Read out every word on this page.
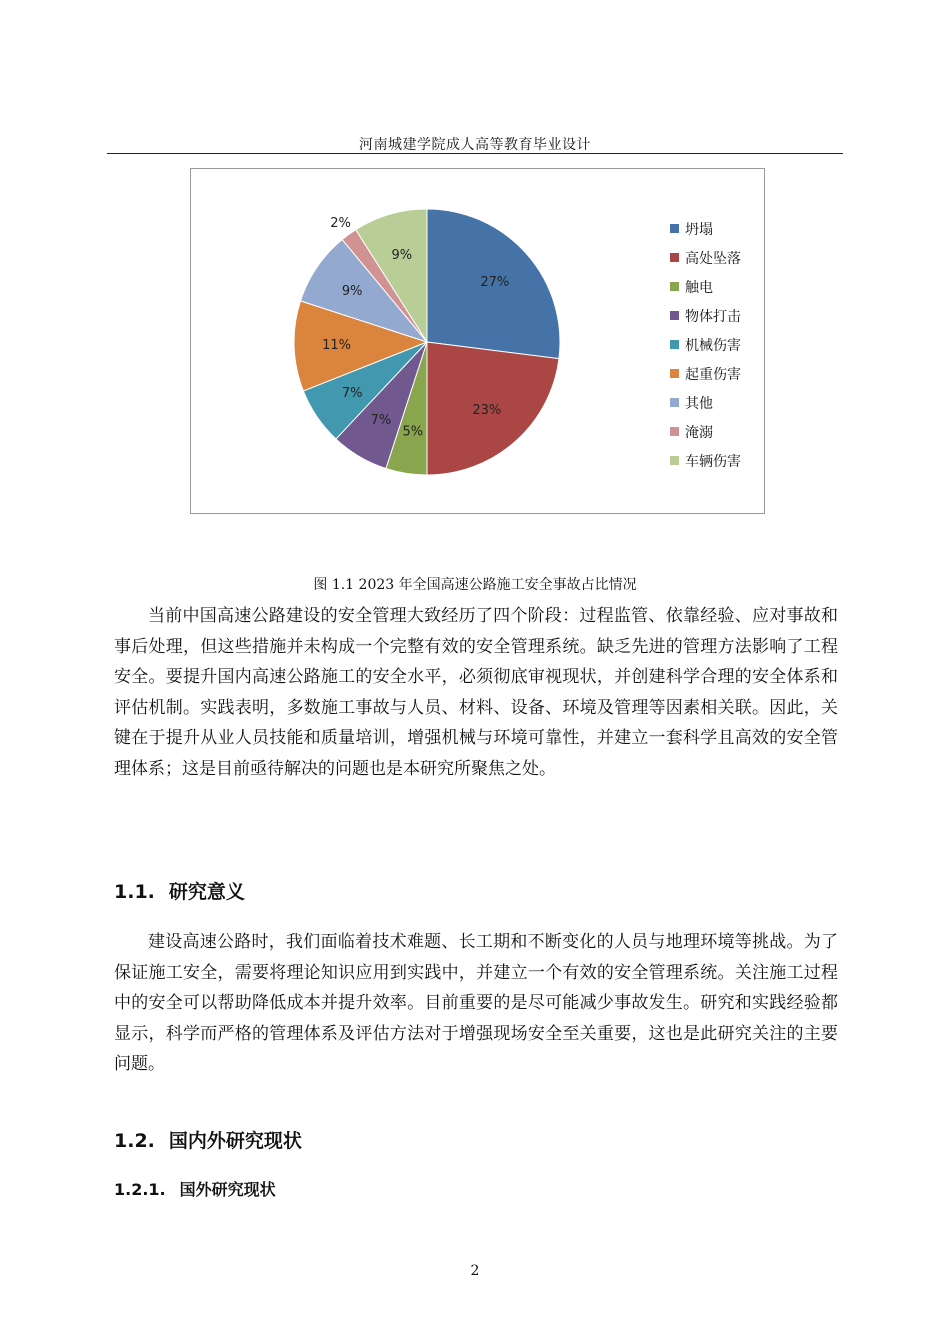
河南城建学院成人高等教育毕业设计
27%
23%
5%
7%
7%
11%
9%
2%
9%
坍塌
高处坠落
触电
物体打击
机械伤害
起重伤害
其他
淹溺
车辆伤害
图 1.1 2023 年全国高速公路施工安全事故占比情况

当前中国高速公路建设的安全管理大致经历了四个阶段：过程监管、依靠经验、应对事故和事后处理，但这些措施并未构成一个完整有效的安全管理系统。缺乏先进的管理方法影响了工程安全。要提升国内高速公路施工的安全水平，必须彻底审视现状，并创建科学合理的安全体系和评估机制。实践表明，多数施工事故与人员、材料、设备、环境及管理等因素相关联。因此，关键在于提升从业人员技能和质量培训，增强机械与环境可靠性，并建立一套科学且高效的安全管理体系；这是目前亟待解决的问题也是本研究所聚焦之处。

1.1. 研究意义

建设高速公路时，我们面临着技术难题、长工期和不断变化的人员与地理环境等挑战。为了保证施工安全，需要将理论知识应用到实践中，并建立一个有效的安全管理系统。关注施工过程中的安全可以帮助降低成本并提升效率。目前重要的是尽可能减少事故发生。研究和实践经验都显示，科学而严格的管理体系及评估方法对于增强现场安全至关重要，这也是此研究关注的主要问题。

1.2. 国内外研究现状
1.2.1. 国外研究现状
2
